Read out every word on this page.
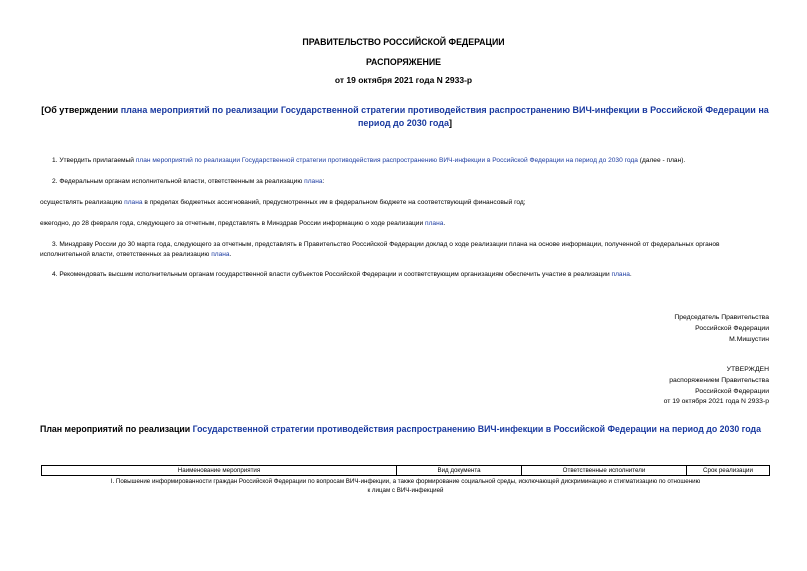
ПРАВИТЕЛЬСТВО РОССИЙСКОЙ ФЕДЕРАЦИИ
РАСПОРЯЖЕНИЕ
от 19 октября 2021 года N 2933-р
[Об утверждении плана мероприятий по реализации Государственной стратегии противодействия распространению ВИЧ-инфекции в Российской Федерации на период до 2030 года]
1. Утвердить прилагаемый план мероприятий по реализации Государственной стратегии противодействия распространению ВИЧ-инфекции в Российской Федерации на период до 2030 года (далее - план).
2. Федеральным органам исполнительной власти, ответственным за реализацию плана:
осуществлять реализацию плана в пределах бюджетных ассигнований, предусмотренных им в федеральном бюджете на соответствующий финансовый год;
ежегодно, до 28 февраля года, следующего за отчетным, представлять в Минздрав России информацию о ходе реализации плана.
3. Минздраву России до 30 марта года, следующего за отчетным, представлять в Правительство Российской Федерации доклад о ходе реализации плана на основе информации, полученной от федеральных органов исполнительной власти, ответственных за реализацию плана.
4. Рекомендовать высшим исполнительным органам государственной власти субъектов Российской Федерации и соответствующим организациям обеспечить участие в реализации плана.
Председатель Правительства
Российской Федерации
М.Мишустин
УТВЕРЖДЕН
распоряжением Правительства
Российской Федерации
от 19 октября 2021 года N 2933-р
План мероприятий по реализации Государственной стратегии противодействия распространению ВИЧ-инфекции в Российской Федерации на период до 2030 года
Наименование мероприятия	Вид документа	Ответственные исполнители	Срок реализации

I. Повышение информированности граждан Российской Федерации по вопросам ВИЧ-инфекции, а также формирование социальной среды, исключающей дискриминацию и стигматизацию по отношению
к лицам с ВИЧ-инфекцией
